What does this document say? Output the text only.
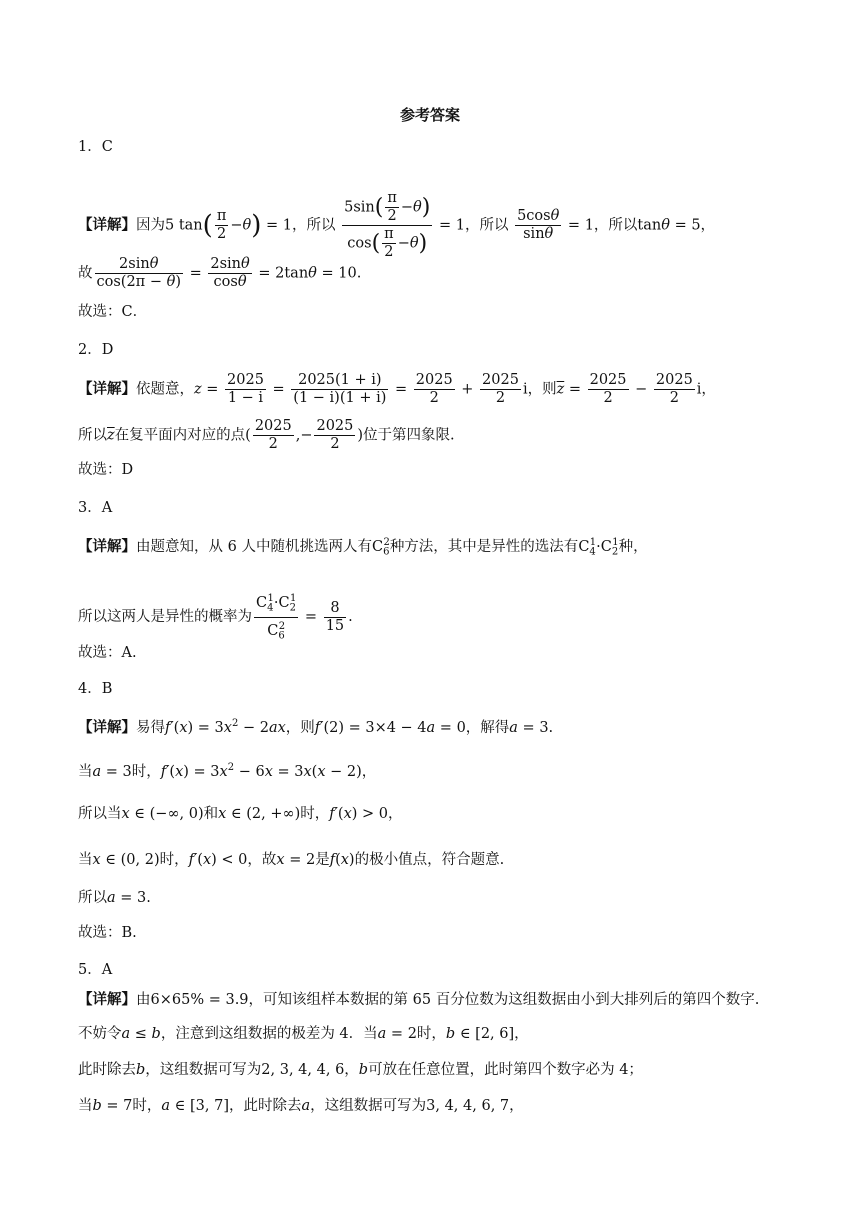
参考答案
1．C
【详解】因为5 $\tan( \frac{\pi}{2} -\theta) = 1$，所以 $\frac{5\sin( \frac{\pi}{2} -\theta)}{\cos( \frac{\pi}{2} -\theta)} = 1$，所以 $\frac{5\cos\theta}{\sin\theta} = 1$，所以tanθ = 5，
故 $\frac{2\sin\theta}{\cos(2\pi - \theta)} = \frac{2\sin\theta}{\cos\theta} = 2\tan\theta = 10$.
故选：C．
2．D
【详解】依题意，$z = \frac{2025}{1 - i} = \frac{2025(1 + i)}{(1 - i)(1 + i)} = \frac{2025}{2} + \frac{2025}{2}$ i，则$\overline{z} = \frac{2025}{2} - \frac{2025}{2}$ i，
所以$\overline{z}$在复平面内对应的点( $\frac{2025}{2}$ ,− $\frac{2025}{2}$ )位于第四象限.
故选：D
3．A
【详解】由题意知，从 6 人中随机挑选两人有$C_6^2$种方法，其中是异性的选法有$C_4^1\cdot C_2^1$种，
所以这两人是异性的概率为 $\frac{C_4^1\cdot C_2^1}{C_6^2} = \frac{8}{15}$ .
故选：A.
4．B
【详解】易得$f'(x) = 3x^2 - 2ax$，则f′(2) = 3×4 − 4a = 0，解得a = 3.
当a = 3时，$f'(x) = 3x^2 - 6x = 3x(x - 2)$，
所以当x ∈ (−∞, 0)和x ∈ (2, +∞)时，f′(x) > 0，
当x ∈ (0, 2)时，f′(x) < 0，故x = 2是f(x)的极小值点，符合题意.
所以a = 3.
故选：B.
5．A
【详解】由6×65% = 3.9，可知该组样本数据的第 65 百分位数为这组数据由小到大排列后的第四个数字.
不妨令a ≤ b，注意到这组数据的极差为 4．当a = 2时，b ∈ [2, 6]，
此时除去b，这组数据可写为2, 3, 4, 4, 6，b可放在任意位置，此时第四个数字必为 4；
当b = 7时，a ∈ [3, 7]，此时除去a，这组数据可写为3, 4, 4, 6, 7，
